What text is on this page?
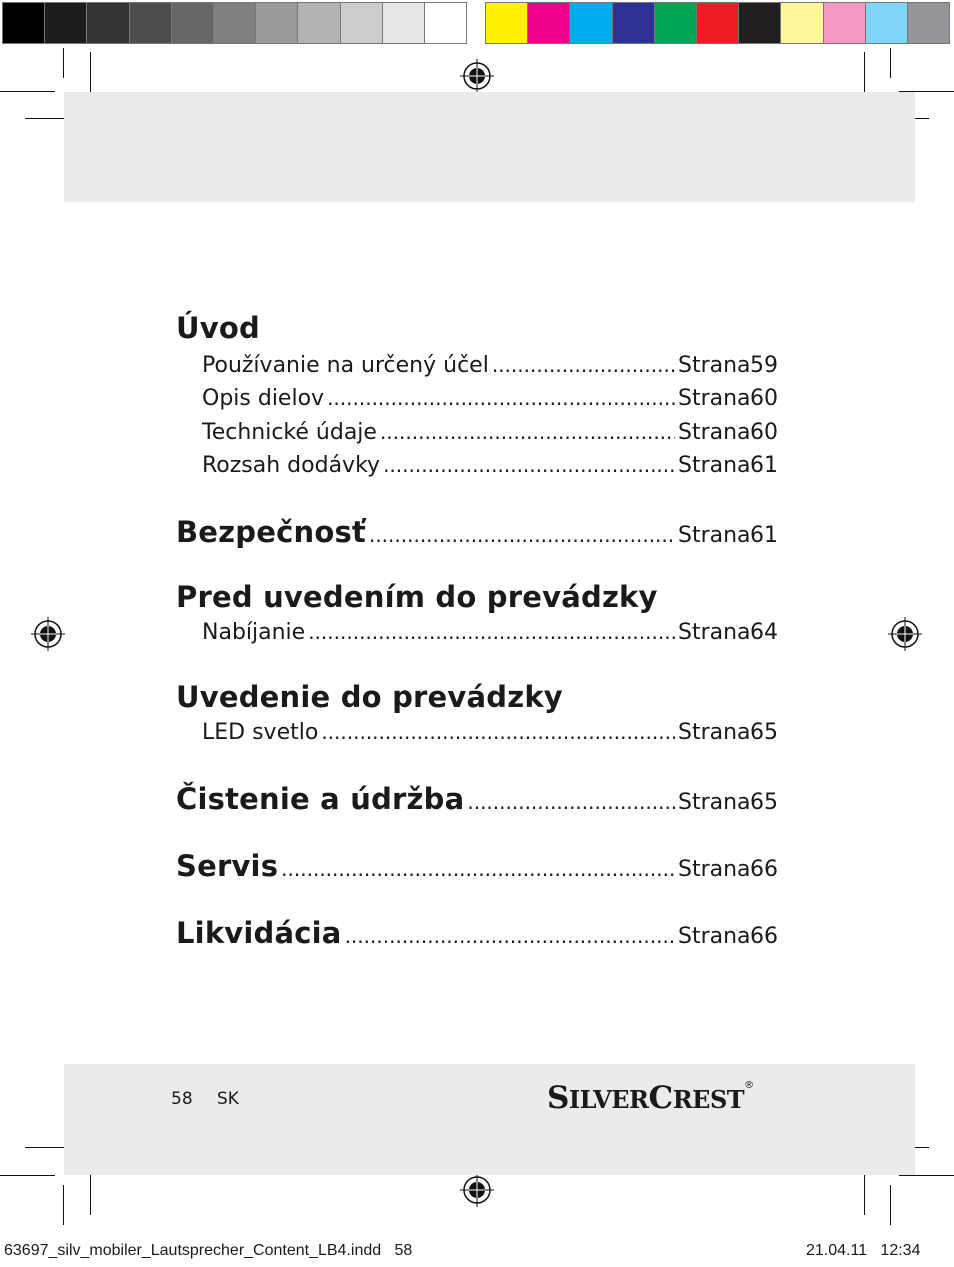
Úvod
Používanie na určený účel .....	Strana 59
Opis dielov .....	Strana 60
Technické údaje .....	Strana 60
Rozsah dodávky .....	Strana 61
Bezpečnosť .....	Strana 61
Pred uvedením do prevádzky
Nabíjanie .....	Strana 64
Uvedenie do prevádzky
LED svetlo .....	Strana 65
Čistenie a údržba .....	Strana 65
Servis .....	Strana 66
Likvidácia .....	Strana 66
58 SK	SILVERCREST®
63697_silv_mobiler_Lautsprecher_Content_LB4.indd   58	21.04.11   12:34
